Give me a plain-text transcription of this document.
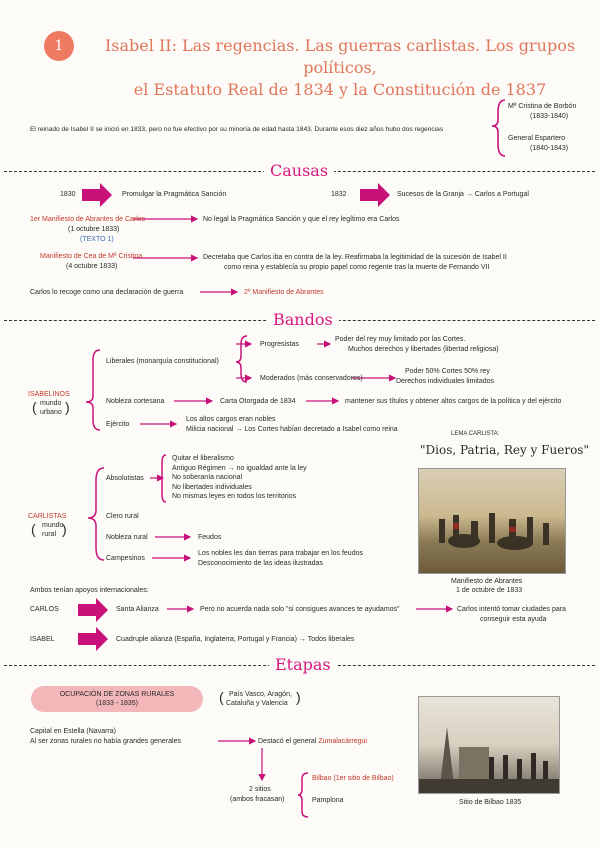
1	Isabel II: Las regencias. Las guerras carlistas. Los grupos políticos,
el Estatuto Real de 1834 y la Constitución de 1837
El reinado de Isabel II se inició en 1833, pero no fue efectivo por su minoría de edad hasta 1843. Durante esos diez años hubo dos regencias
Mª Cristina de Borbón
(1833-1840)
General Espartero
(1840-1843)
Causas
1830	Promulgar la Pragmática Sanción	1832	Sucesos de la Granja → Carlos a Portugal
1er Manifiesto de Abrantes de Carlos
(1 octubre 1833)
(TEXTO 1)
No legal la Pragmática Sanción y que el rey legítimo era Carlos
Manifiesto de Cea de Mª Cristina
(4 octubre 1833)
Decretaba que Carlos iba en contra de la ley. Reafirmaba la legitimidad de la sucesión de Isabel II
como reina y establecía su propio papel como regente tras la muerte de Fernando VII
Carlos lo recoge como una declaración de guerra	2º Manifiesto de Abrantes
Bandos
ISABELINOS
( mundo
urbano )
Liberales (monarquía constitucional)
Progresistas
Poder del rey muy limitado por las Cortes.
Muchos derechos y libertades (libertad religiosa)
Moderados (más conservadores)
Poder 50% Cortes 50% rey
Derechos individuales limitados
Nobleza cortesana	Carta Otorgada de 1834	mantener sus títulos y obtener altos cargos de la política y del ejército
Ejército
Los altos cargos eran nobles
Milicia nacional → Los Cortes habían decretado a Isabel como reina
LEMA CARLISTA:
"Dios, Patria, Rey y Fueros"
CARLISTAS
( mundo
rural )
Absolutistas
Quitar el liberalismo
Antiguo Régimen → no igualdad ante la ley
No soberanía nacional
No libertades individuales
No mismas leyes en todos los territorios
Clero rural
Nobleza rural	Feudos
Campesinos
Los nobles les dan tierras para trabajar en los feudos
Desconocimiento de las ideas ilustradas
Manifiesto de Abrantes
1 de octubre de 1833
Ambos tenían apoyos internacionales:
CARLOS	Santa Alianza	Pero no acuerda nada solo "si consigues avances te ayudamos"	Carlos intentó tomar ciudades para
conseguir esta ayuda
ISABEL	Cuadruple alianza (España, Inglaterra, Portugal y Francia) → Todos liberales
Etapas
OCUPACIÓN DE ZONAS RURALES
(1833 - 1835)	( País Vasco, Aragón,
Cataluña y Valencia )
Capital en Estella (Navarra)
Al ser zonas rurales no había grandes generales	Destacó el general Zumalacárregui
2 sitios
(ambos fracasan)
Bilbao (1er sitio de Bilbao)
Pamplona	Sitio de Bilbao 1835
